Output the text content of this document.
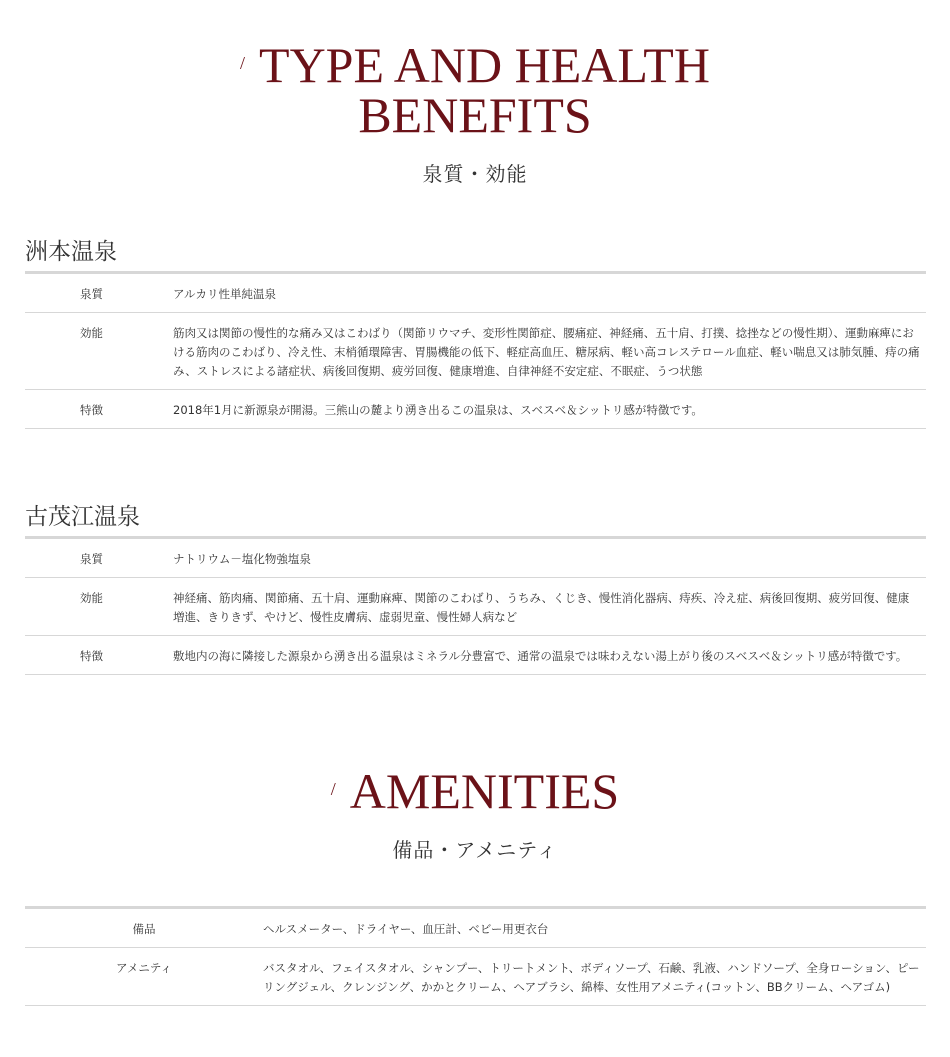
/ TYPE AND HEALTH
BENEFITS
泉質・効能
洲本温泉
泉質	アルカリ性単純温泉
効能	筋肉又は関節の慢性的な痛み又はこわばり（関節リウマチ、変形性関節症、腰痛症、神経痛、五十肩、打撲、捻挫などの慢性期）、運動麻痺における筋肉のこわばり、冷え性、末梢循環障害、胃腸機能の低下、軽症高血圧、糖尿病、軽い高コレステロール血症、軽い喘息又は肺気腫、痔の痛み、ストレスによる諸症状、病後回復期、疲労回復、健康増進、自律神経不安定症、不眠症、うつ状態
特徴	2018年1月に新源泉が開湯。三熊山の麓より湧き出るこの温泉は、スベスベ＆シットリ感が特徴です。
古茂江温泉
泉質	ナトリウム－塩化物強塩泉
効能	神経痛、筋肉痛、関節痛、五十肩、運動麻痺、関節のこわばり、うちみ、くじき、慢性消化器病、痔疾、冷え症、病後回復期、疲労回復、健康増進、きりきず、やけど、慢性皮膚病、虚弱児童、慢性婦人病など
特徴	敷地内の海に隣接した源泉から湧き出る温泉はミネラル分豊富で、通常の温泉では味わえない湯上がり後のスベスベ＆シットリ感が特徴です。
/ AMENITIES
備品・アメニティ
備品	ヘルスメーター、ドライヤー、血圧計、ベビー用更衣台
アメニティ	バスタオル、フェイスタオル、シャンプー、トリートメント、ボディソープ、石鹸、乳液、ハンドソープ、全身ローション、ピーリングジェル、クレンジング、かかとクリーム、ヘアブラシ、綿棒、女性用アメニティ(コットン、BBクリーム、ヘアゴム)
